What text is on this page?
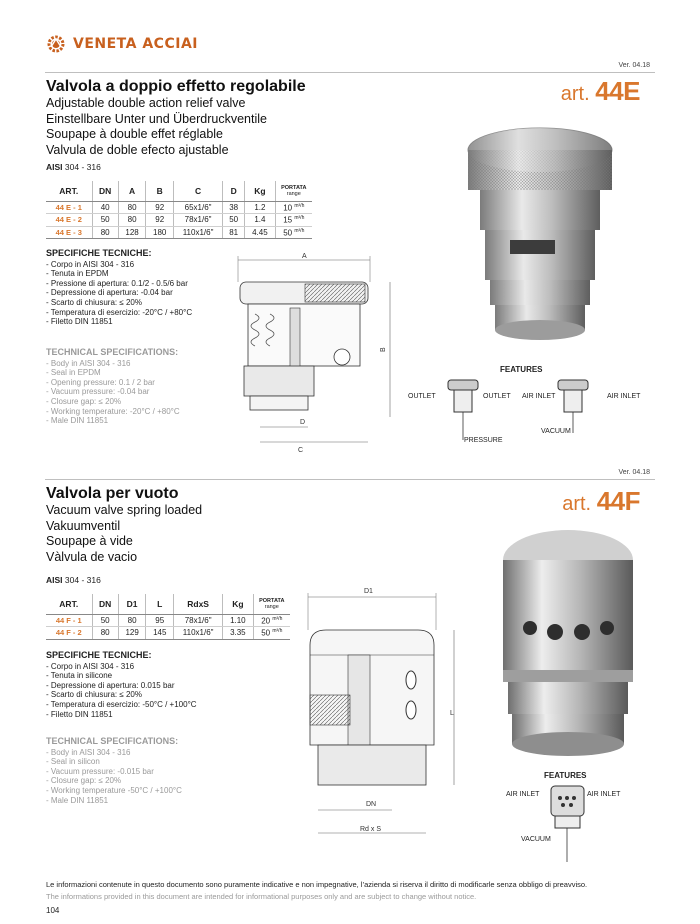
VENETA ACCIAI
Ver. 04.18
art. 44E
Valvola a doppio effetto regolabile
Adjustable double action relief valve
Einstellbare Unter und Überdruckventile
Soupape à double effet réglable
Valvula de doble efecto ajustable
AISI 304 - 316
ART.	DN	A	B	C	D	Kg	PORTATA
range
44 E - 1	40	80	92	65x1/6"	38	1.2	10 $^{m^3/h}$
44 E - 2	50	80	92	78x1/6"	50	1.4	15 $^{m^3/h}$
44 E - 3	80	128	180	110x1/6"	81	4.45	50 $^{m^3/h}$
SPECIFICHE TECNICHE:
- Corpo in AISI 304 - 316
- Tenuta in EPDM
- Pressione di apertura: 0.1/2 - 0.5/6 bar
- Depressione di apertura: -0.04 bar
- Scarto di chiusura: ≤ 20%
- Temperatura di esercizio: -20°C / +80°C
- Filetto DIN 11851
TECHNICAL SPECIFICATIONS:
- Body in AISI 304 - 316
- Seal in EPDM
- Opening pressure: 0.1 / 2 bar
- Vacuum pressure: -0.04 bar
- Closure gap: ≤ 20%
- Working temperature: -20°C / +80°C
- Male DIN 11851
A
B
D
C
FEATURES
OUTLET	OUTLET AIR INLET	AIR INLET
PRESSURE
VACUUM
Ver. 04.18
art. 44F
Valvola per vuoto
Vacuum valve spring loaded
Vakuumventil
Soupape à vide
Vàlvula de vacio
AISI 304 - 316
ART.	DN	D1	L	RdxS	Kg	PORTATA
range
44 F - 1	50	80	95	78x1/6"	1.10	20 $^{m^3/h}$
44 F - 2	80	129	145	110x1/6"	3.35	50 $^{m^3/h}$
SPECIFICHE TECNICHE:
- Corpo in AISI 304 - 316
- Tenuta in silicone
- Depressione di apertura: 0.015 bar
- Scarto di chiusura: ≤ 20%
- Temperatura di esercizio: -50°C / +100°C
- Filetto DIN 11851
TECHNICAL SPECIFICATIONS:
- Body in AISI 304 - 316
- Seal in silicon
- Vacuum pressure: -0.015 bar
- Closure gap: ≤ 20%
- Working temperature -50°C / +100°C
- Male DIN 11851
D1
L
DN
Rd x S
FEATURES
AIR INLET	AIR INLET
VACUUM
Le informazioni contenute in questo documento sono puramente indicative e non impegnative, l’azienda si riserva il diritto di modificarle senza obbligo di preavviso.
The informations provided in this document are intended for informational purposes only and are subject to change without notice.
104
